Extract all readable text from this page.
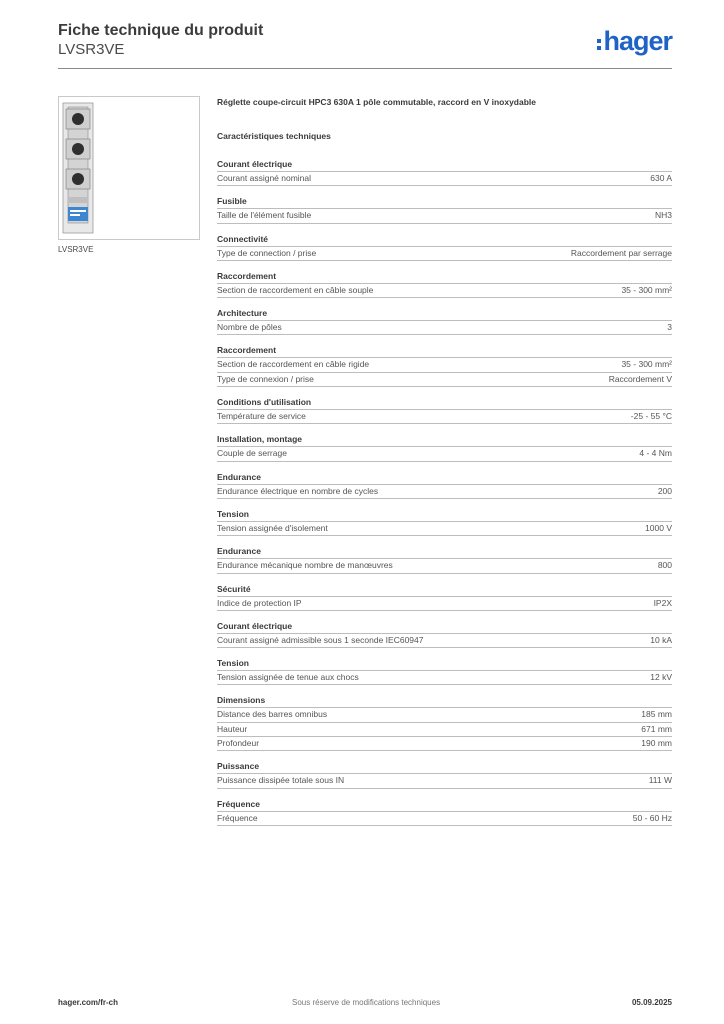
Fiche technique du produit
LVSR3VE	hager
LVSR3VE
Réglette coupe-circuit HPC3 630A 1 pôle commutable, raccord en V inoxydable
Caractéristiques techniques
Courant électrique
Courant assigné nominal	630 A
Fusible
Taille de l'élément fusible	NH3
Connectivité
Type de connection / prise	Raccordement par serrage
Raccordement
Section de raccordement en câble souple	35 - 300 mm²
Architecture
Nombre de pôles	3
Raccordement
Section de raccordement en câble rigide	35 - 300 mm²
Type de connexion / prise	Raccordement V
Conditions d'utilisation
Température de service	-25 - 55 °C
Installation, montage
Couple de serrage	4 - 4 Nm
Endurance
Endurance électrique en nombre de cycles	200
Tension
Tension assignée d'isolement	1000 V
Endurance
Endurance mécanique nombre de manœuvres	800
Sécurité
Indice de protection IP	IP2X
Courant électrique
Courant assigné admissible sous 1 seconde IEC60947	10 kA
Tension
Tension assignée de tenue aux chocs	12 kV
Dimensions
Distance des barres omnibus	185 mm
Hauteur	671 mm
Profondeur	190 mm
Puissance
Puissance dissipée totale sous IN	111 W
Fréquence
Fréquence	50 - 60 Hz
hager.com/fr-ch	Sous réserve de modifications techniques	05.09.2025
